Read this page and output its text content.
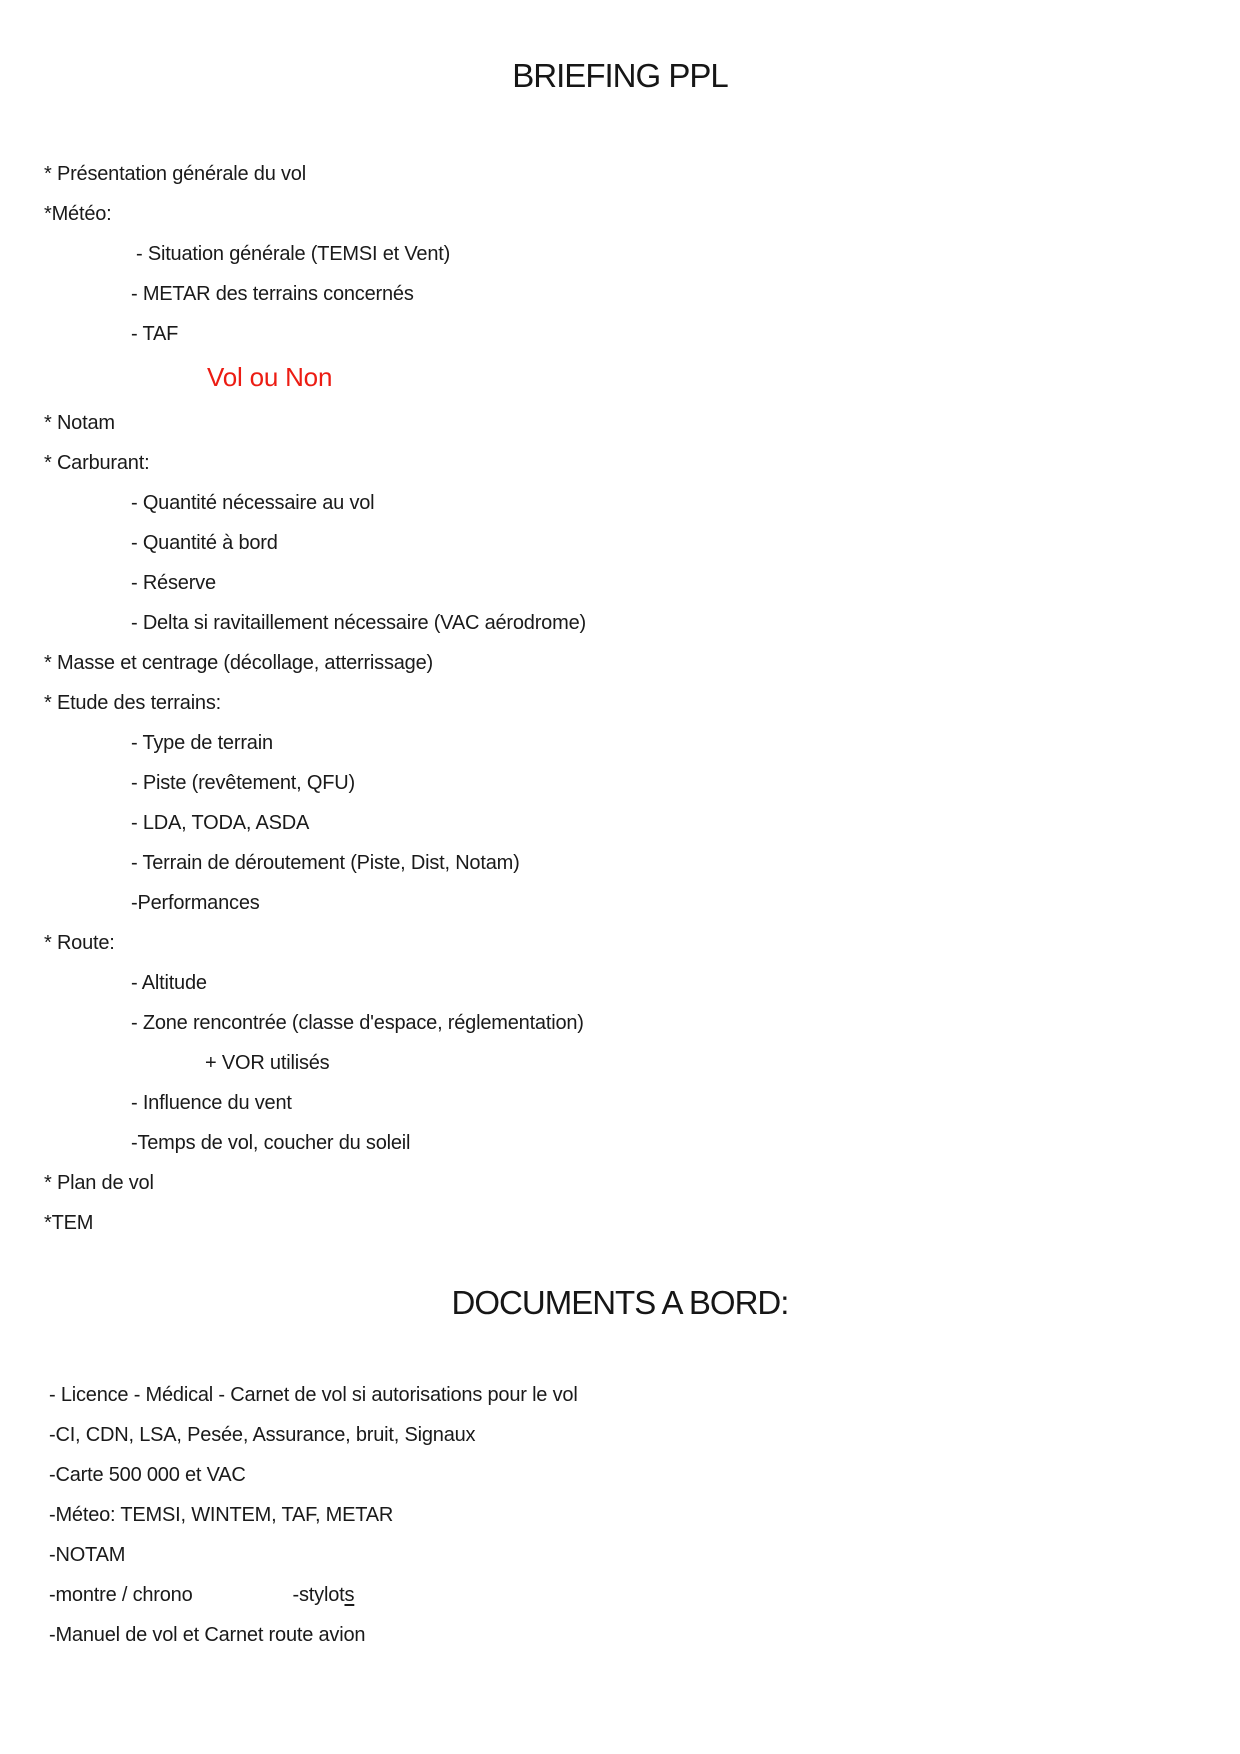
BRIEFING PPL
* Présentation générale du vol
*Météo:
- Situation générale (TEMSI et Vent)
- METAR des terrains concernés
- TAF
Vol ou Non
* Notam
* Carburant:
- Quantité nécessaire au vol
- Quantité à bord
- Réserve
- Delta si ravitaillement nécessaire (VAC aérodrome)
* Masse et centrage (décollage, atterrissage)
* Etude des terrains:
- Type de terrain
- Piste (revêtement, QFU)
- LDA, TODA, ASDA
- Terrain de déroutement (Piste, Dist, Notam)
-Performances
* Route:
- Altitude
- Zone rencontrée (classe d'espace, réglementation)
+ VOR utilisés
- Influence du vent
-Temps de vol, coucher du soleil
* Plan de vol
*TEM
DOCUMENTS A BORD:
- Licence - Médical - Carnet de vol si autorisations pour le vol
-CI, CDN, LSA, Pesée, Assurance, bruit, Signaux
-Carte 500 000 et VAC
-Méteo: TEMSI, WINTEM, TAF, METAR
-NOTAM
-montre / chrono	-stylots
-Manuel de vol et Carnet route avion
